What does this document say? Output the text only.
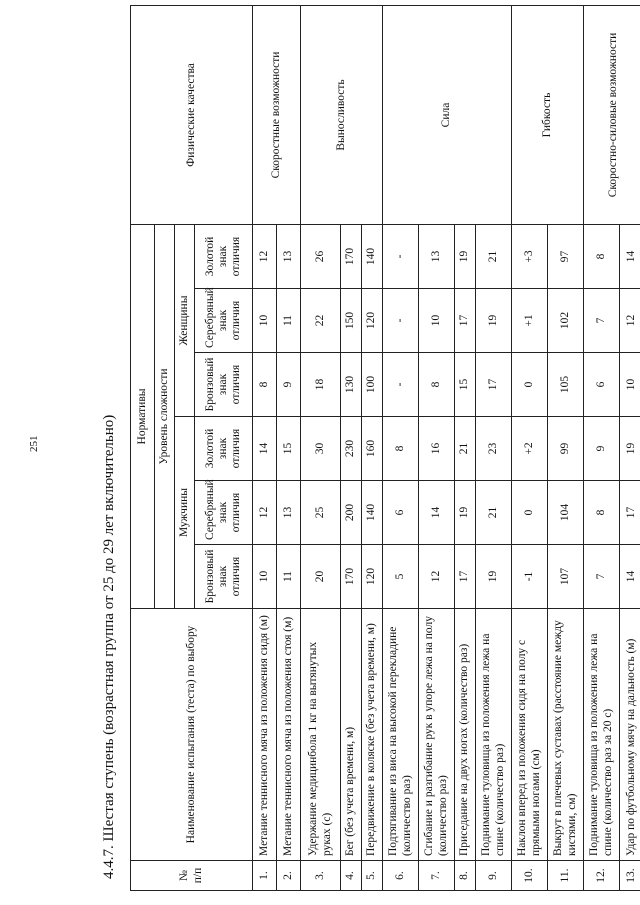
251	4.4.7. Шестая ступень (возрастная группа от 25 до 29 лет включительно)	№ п/п	Наименование испытания (теста) по выбору	Нормативы						Физические качества
		Уровень сложности						
		Мужчины			Женщины			
		Бронзовый знак отличия	Серебряный знак отличия	Золотой знак отличия	Бронзовый знак отличия	Серебряный знак отличия	Золотой знак отличия	
1.	Метание теннисного мяча из положения сидя (м)	10	12	14	8	10	12	Скоростные возможности
2.	Метание теннисного мяча из положения стоя (м)	11	13	15	9	11	13	
3.	Удержание медицинбола 1 кг на вытянутых руках (с)	20	25	30	18	22	26	Выносливость
4.	Бег (без учета времени, м)	170	200	230	130	150	170	
5.	Передвижение в коляске (без учета времени, м)	120	140	160	100	120	140	
6.	Подтягивание из виса на высокой перекладине (количество раз)	5	6	8	-	-	-	Сила
7.	Сгибание и разгибание рук в упоре лежа на полу (количество раз)	12	14	16	8	10	13	
8.	Приседание на двух ногах (количество раз)	17	19	21	15	17	19	
9.	Поднимание туловища из положения лежа на спине (количество раз)	19	21	23	17	19	21	
10.	Наклон вперед из положения сидя на полу с прямыми ногами (см)	-1	0	+2	0	+1	+3	Гибкость
11.	Выкрут в плечевых суставах (расстояние между кистями, см)	107	104	99	105	102	97	
12.	Поднимание туловища из положения лежа на спине (количество раз за 20 с)	7	8	9	6	7	8	Скоростно-силовые возможности
13.	Удар по футбольному мячу на дальность (м)	14	17	19	10	12	14	
